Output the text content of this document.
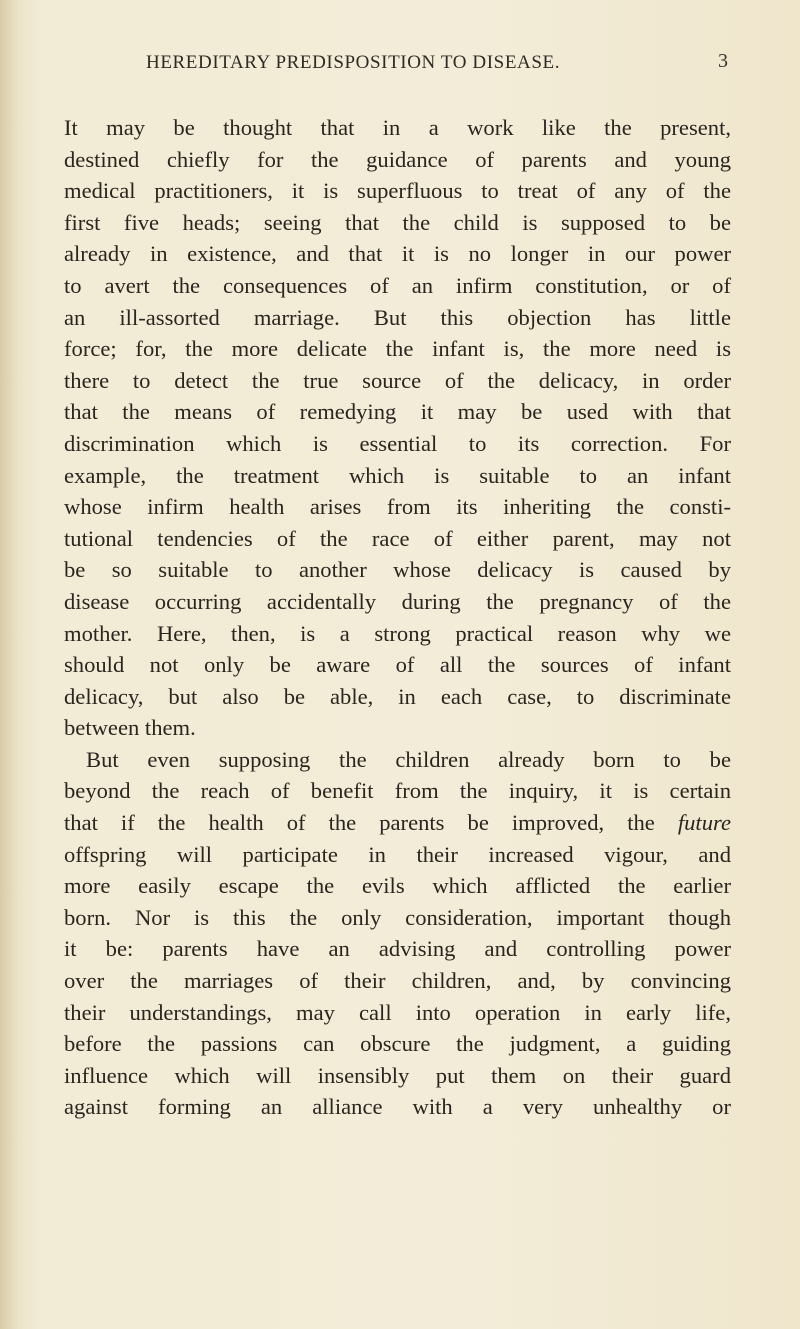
HEREDITARY PREDISPOSITION TO DISEASE.	3
It may be thought that in a work like the present,
destined chiefly for the guidance of parents and young
medical practitioners, it is superfluous to treat of any of the
first five heads; seeing that the child is supposed to be
already in existence, and that it is no longer in our power
to avert the consequences of an infirm constitution, or of
an ill-assorted marriage. But this objection has little
force; for, the more delicate the infant is, the more need is
there to detect the true source of the delicacy, in order
that the means of remedying it may be used with that
discrimination which is essential to its correction. For
example, the treatment which is suitable to an infant
whose infirm health arises from its inheriting the consti-
tutional tendencies of the race of either parent, may not
be so suitable to another whose delicacy is caused by
disease occurring accidentally during the pregnancy of the
mother. Here, then, is a strong practical reason why we
should not only be aware of all the sources of infant
delicacy, but also be able, in each case, to discriminate
between them.
But even supposing the children already born to be
beyond the reach of benefit from the inquiry, it is certain
that if the health of the parents be improved, the future
offspring will participate in their increased vigour, and
more easily escape the evils which afflicted the earlier
born. Nor is this the only consideration, important though
it be: parents have an advising and controlling power
over the marriages of their children, and, by convincing
their understandings, may call into operation in early life,
before the passions can obscure the judgment, a guiding
influence which will insensibly put them on their guard
against forming an alliance with a very unhealthy or
